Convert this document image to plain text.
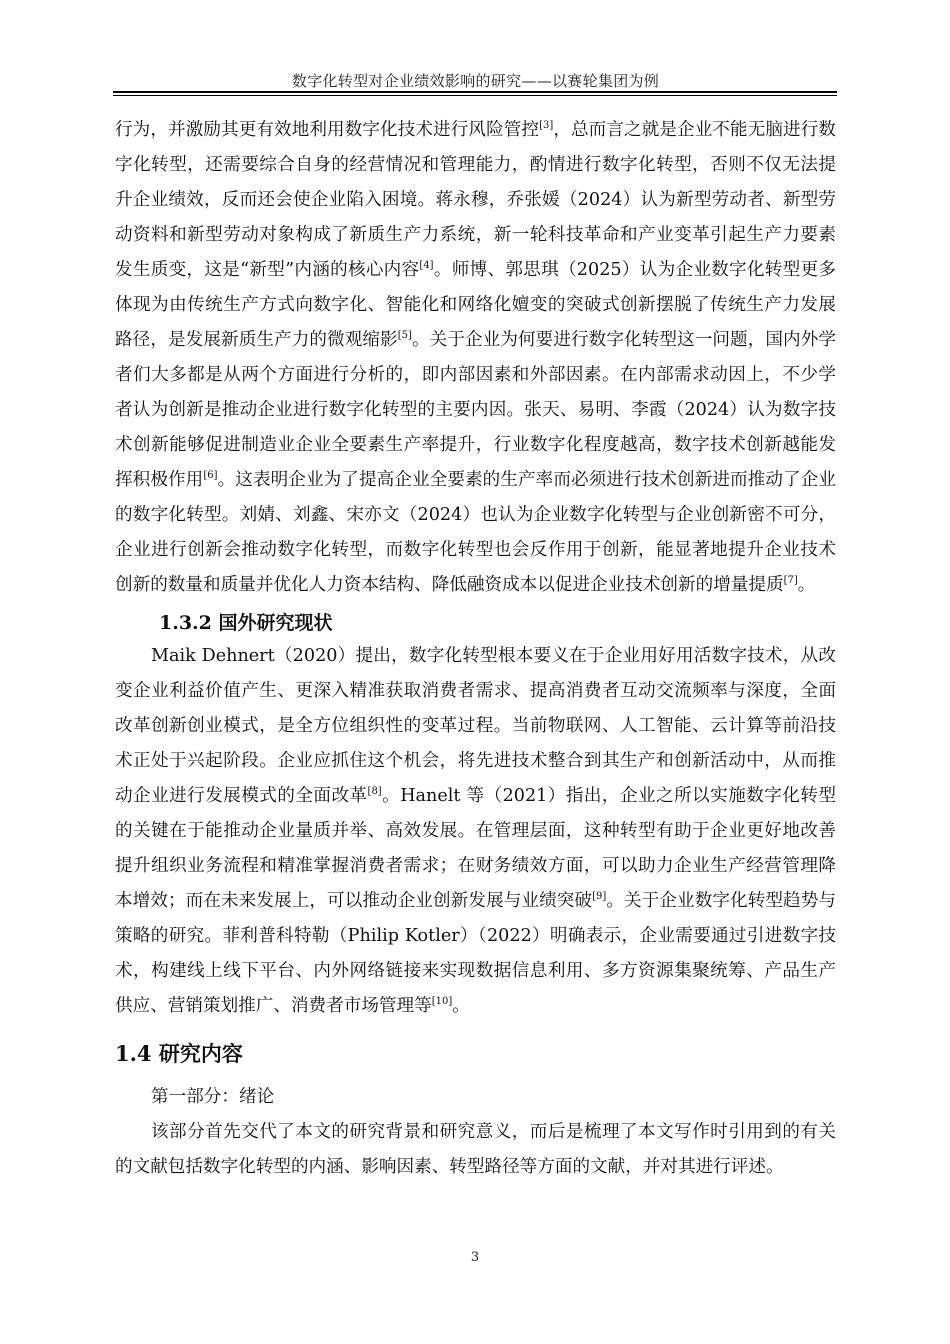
数字化转型对企业绩效影响的研究——以赛轮集团为例

行为，并激励其更有效地利用数字化技术进行风险管控[3]，总而言之就是企业不能无脑进行数字化转型，还需要综合自身的经营情况和管理能力，酌情进行数字化转型，否则不仅无法提升企业绩效，反而还会使企业陷入困境。蒋永穆，乔张媛（2024）认为新型劳动者、新型劳动资料和新型劳动对象构成了新质生产力系统，新一轮科技革命和产业变革引起生产力要素发生质变，这是“新型”内涵的核心内容[4]。师博、郭思琪（2025）认为企业数字化转型更多体现为由传统生产方式向数字化、智能化和网络化嬗变的突破式创新摆脱了传统生产力发展路径，是发展新质生产力的微观缩影[5]。关于企业为何要进行数字化转型这一问题，国内外学者们大多都是从两个方面进行分析的，即内部因素和外部因素。在内部需求动因上，不少学者认为创新是推动企业进行数字化转型的主要内因。张天、易明、李霞（2024）认为数字技术创新能够促进制造业企业全要素生产率提升，行业数字化程度越高，数字技术创新越能发挥积极作用[6]。这表明企业为了提高企业全要素的生产率而必须进行技术创新进而推动了企业的数字化转型。刘婧、刘鑫、宋亦文（2024）也认为企业数字化转型与企业创新密不可分，企业进行创新会推动数字化转型，而数字化转型也会反作用于创新，能显著地提升企业技术创新的数量和质量并优化人力资本结构、降低融资成本以促进企业技术创新的增量提质[7]。

1.3.2 国外研究现状

Maik Dehnert（2020）提出，数字化转型根本要义在于企业用好用活数字技术，从改变企业利益价值产生、更深入精准获取消费者需求、提高消费者互动交流频率与深度，全面改革创新创业模式，是全方位组织性的变革过程。当前物联网、人工智能、云计算等前沿技术正处于兴起阶段。企业应抓住这个机会，将先进技术整合到其生产和创新活动中，从而推动企业进行发展模式的全面改革[8]。Hanelt 等（2021）指出，企业之所以实施数字化转型的关键在于能推动企业量质并举、高效发展。在管理层面，这种转型有助于企业更好地改善提升组织业务流程和精准掌握消费者需求；在财务绩效方面，可以助力企业生产经营管理降本增效；而在未来发展上，可以推动企业创新发展与业绩突破[9]。关于企业数字化转型趋势与策略的研究。菲利普科特勒（Philip Kotler）（2022）明确表示，企业需要通过引进数字技术，构建线上线下平台、内外网络链接来实现数据信息利用、多方资源集聚统筹、产品生产供应、营销策划推广、消费者市场管理等[10]。

1.4 研究内容

第一部分：绪论

该部分首先交代了本文的研究背景和研究意义，而后是梳理了本文写作时引用到的有关的文献包括数字化转型的内涵、影响因素、转型路径等方面的文献，并对其进行评述。

3
